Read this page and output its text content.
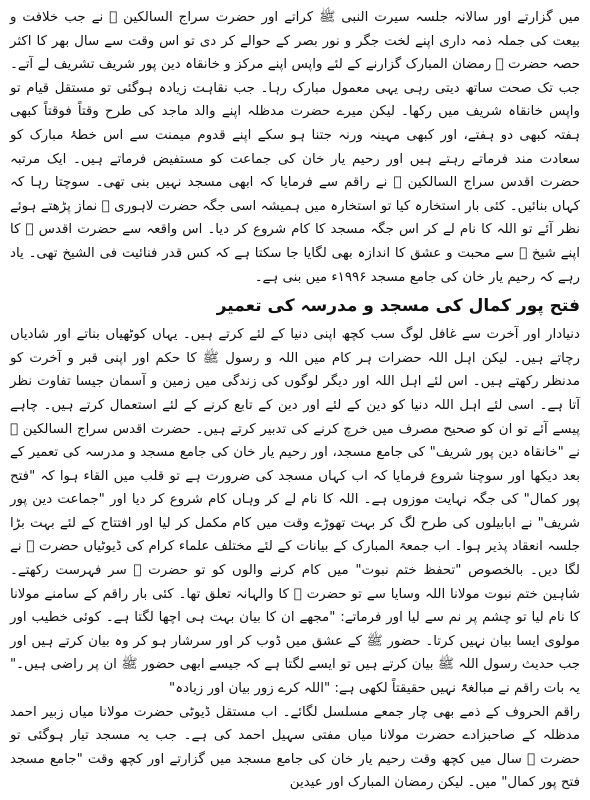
میں گزارتے اور سالانہ جلسہ سیرت النبی ﷺ کراتے اور حضرت سراج السالکین ﷫ نے جب خلافت و بیعت کی جملہ ذمہ داری اپنے لخت جگر و نور بصر کے حوالے کر دی تو اس وقت سے سال بھر کا اکثر حصہ حضرت ﷫ رمضان المبارک گزارنے کے لئے واپس اپنے مرکز و خانقاہ دین پور شریف تشریف لے آتے۔ جب تک صحت ساتھ دیتی رہی یہی معمول مبارک رہا۔ جب نقاہت زیادہ ہوگئی تو مستقل قیام تو واپس خانقاہ شریف میں رکھا۔ لیکن میرے حضرت مدظلہ اپنے والد ماجد کی طرح وقتاً فوقتاً کبھی ہفتہ کبھی دو ہفتے، اور کبھی مہینہ ورنہ جتنا ہو سکے اپنے قدوم میمنت سے اس خطۂ مبارک کو سعادت مند فرماتے رہتے ہیں اور رحیم یار خان کی جماعت کو مستفیض فرماتے ہیں۔ ایک مرتبہ حضرت اقدس سراج السالکین ﷫ نے راقم سے فرمایا کہ ابھی مسجد نہیں بنی تھی۔ سوچتا رہا کہ کہاں بنائیں۔ کئی بار استخارہ کیا تو استخارہ میں ہمیشہ اسی جگہ حضرت لاہوری ﷫ نماز پڑھتے ہوئے نظر آئے تو اللہ کا نام لے کر اس جگہ مسجد کا کام شروع کر دیا۔ اس واقعہ سے حضرت اقدس ﷫ کا اپنے شیخ ﷫ سے محبت و عشق کا اندازہ بھی لگایا جا سکتا ہے کہ کس قدر فنائیت فی الشیخ تھی۔ یاد رہے کہ رحیم یار خان کی جامع مسجد ۱۹۹۶ء میں بنی ہے۔

فتح پور کمال کی مسجد و مدرسہ کی تعمیر

دنیادار اور آخرت سے غافل لوگ سب کچھ اپنی دنیا کے لئے کرتے ہیں۔ یہاں کوٹھیاں بناتے اور شادیاں رچاتے ہیں۔ لیکن اہل اللہ حضرات ہر کام میں اللہ و رسول ﷺ کا حکم اور اپنی قبر و آخرت کو مدنظر رکھتے ہیں۔ اس لئے اہل اللہ اور دیگر لوگوں کی زندگی میں زمین و آسمان جیسا تفاوت نظر آتا ہے۔ اسی لئے اہل اللہ دنیا کو دین کے لئے اور دین کے تابع کرنے کے لئے استعمال کرتے ہیں۔ چاہے پیسے آئے تو ان کو صحیح مصرف میں خرچ کرنے کی تدبیر کرتے ہیں۔ حضرت اقدس سراج السالکین ﷫ نے "خانقاہ دین پور شریف" کی جامع مسجد، اور رحیم یار خان کی جامع مسجد و مدرسہ کی تعمیر کے بعد دیکھا اور سوچنا شروع فرمایا کہ اب کہاں مسجد کی ضرورت ہے تو قلب میں القاء ہوا کہ "فتح پور کمال" کی جگہ نہایت موزوں ہے۔ اللہ کا نام لے کر وہاں کام شروع کر دیا اور "جماعت دین پور شریف" نے ابابیلوں کی طرح لگ کر بہت تھوڑے وقت میں کام مکمل کر لیا اور افتتاح کے لئے بہت بڑا جلسہ انعقاد پذیر ہوا۔ اب جمعۃ المبارک کے بیانات کے لئے مختلف علماء کرام کی ڈیوٹیاں حضرت ﷫ نے لگا دیں۔ بالخصوص "تحفظ ختم نبوت" میں کام کرنے والوں کو تو حضرت ﷫ سر فہرست رکھتے۔ شاہین ختم نبوت مولانا اللہ وسایا سے تو حضرت ﷫ کا والہانہ تعلق تھا۔ کئی بار راقم کے سامنے مولانا کا نام لیا تو چشم پر نم سے لیا اور فرماتے: "مجھے ان کا بیان بہت ہی اچھا لگتا ہے۔ کوئی خطیب اور مولوی ایسا بیان نہیں کرتا۔ حضور ﷺ کے عشق میں ڈوب کر اور سرشار ہو کر وہ بیان کرتے ہیں اور جب حدیث رسول اللہ ﷺ بیان کرتے ہیں تو ایسے لگتا ہے کہ جیسے ابھی حضور ﷺ ان پر راضی ہیں۔" یہ بات راقم نے مبالغۃً نہیں حقیقتاً لکھی ہے: "اللہ کرے زور بیان اور زیادہ"

راقم الحروف کے ذمے بھی چار جمعے مسلسل لگائے۔ اب مستقل ڈیوٹی حضرت مولانا میاں زبیر احمد مدظلہ کے صاحبزادے حضرت مولانا میاں مفتی سہیل احمد کی ہے۔ جب یہ مسجد تیار ہوگئی تو حضرت ﷫ سال میں کچھ وقت رحیم یار خان کی جامع مسجد میں گزارتے اور کچھ وقت "جامع مسجد فتح پور کمال" میں۔ لیکن رمضان المبارک اور عیدین
